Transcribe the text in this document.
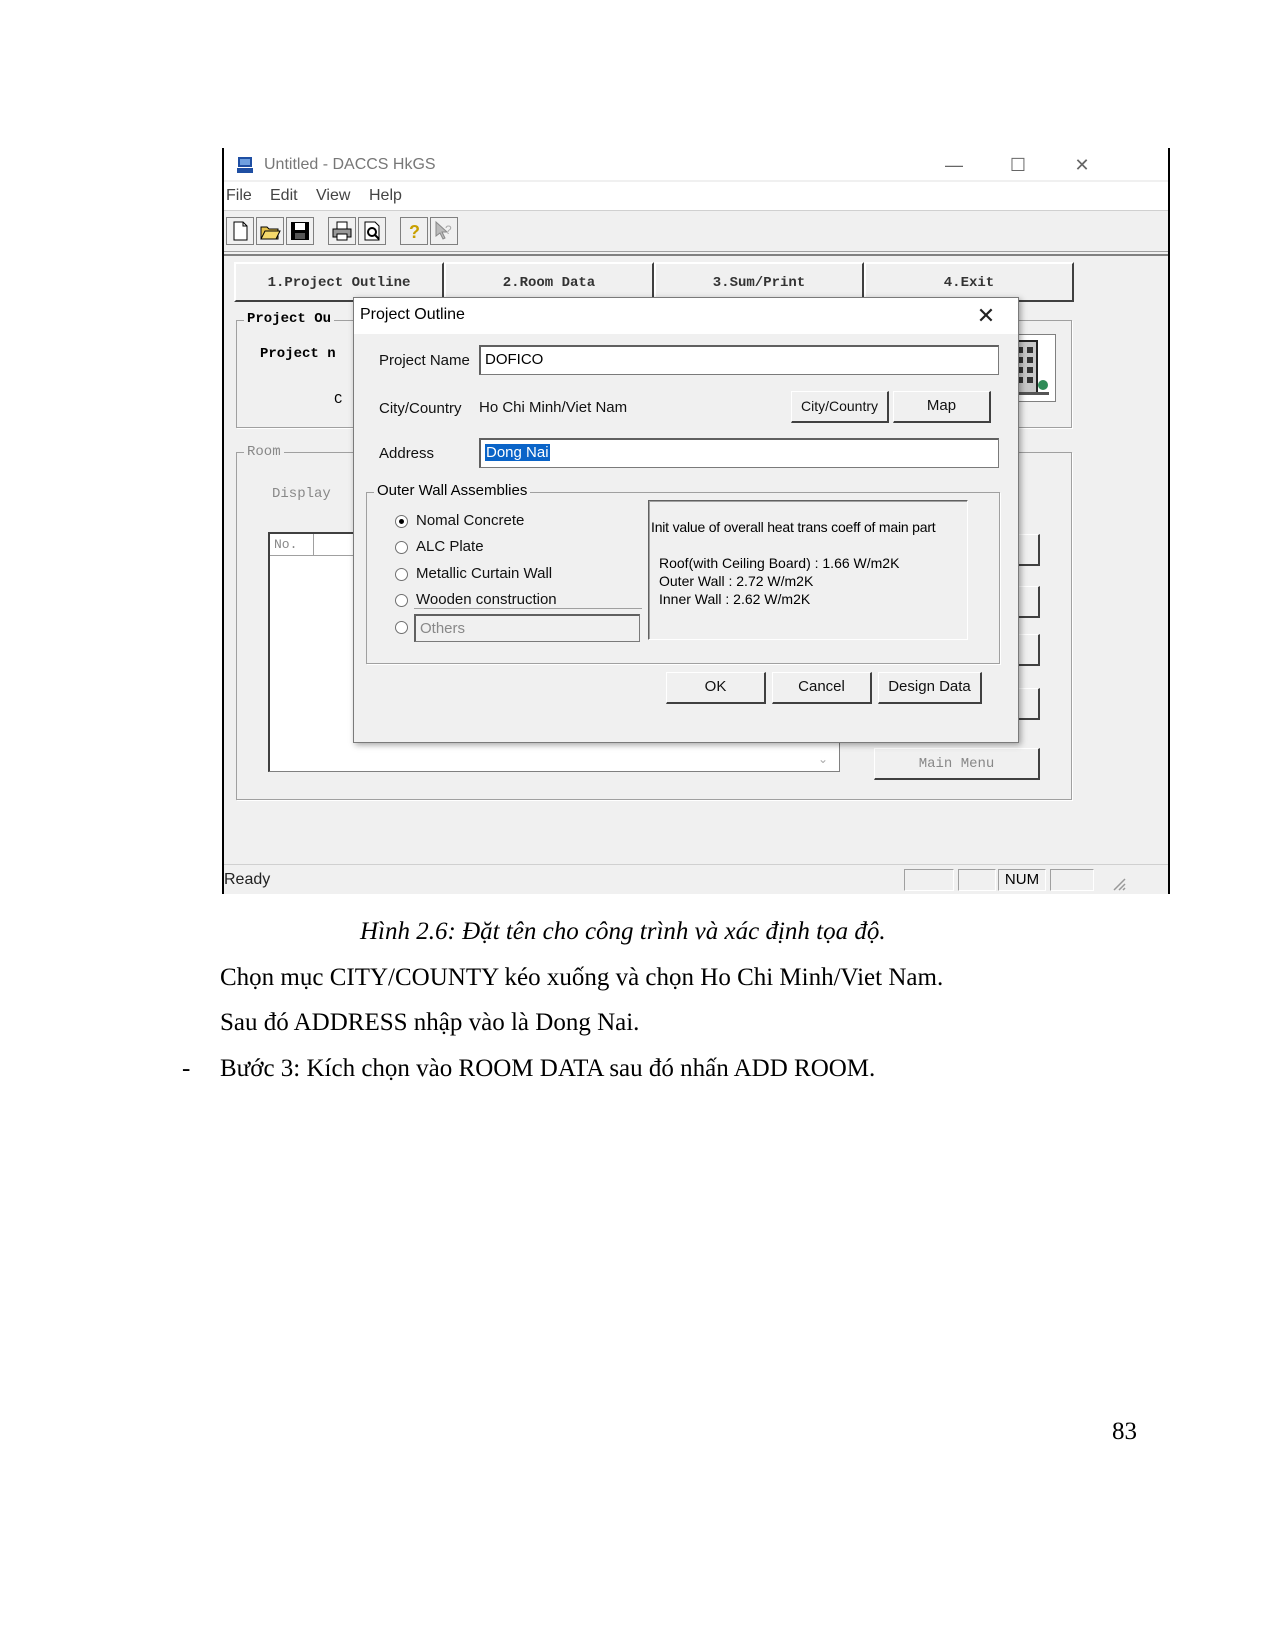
Untitled - DACCS HkGS	—	☐	✕
File Edit View Help
? ?
1.Project Outline	2.Room Data	3.Sum/Print	4.Exit
Project Ou
Project n
C
Room
Display
No.
⌄	Main Menu
Ready	NUM
Project Outline	✕
Project Name	DOFICO
City/Country Ho Chi Minh/Viet Nam	City/Country	Map
Address	Dong Nai
Outer Wall Assemblies
Nomal Concrete
ALC Plate
Metallic Curtain Wall
Wooden construction
Others
Init value of overall heat trans coeff of main part
Roof(with Ceiling Board) : 1.66 W/m2K
Outer Wall : 2.72 W/m2K
Inner Wall : 2.62 W/m2K
OK	Cancel	Design Data
Hình 2.6: Đặt tên cho công trình và xác định tọa độ.
Chọn mục CITY/COUNTY kéo xuống và chọn Ho Chi Minh/Viet Nam.
Sau đó ADDRESS nhập vào là Dong Nai.
- Bước 3: Kích chọn vào ROOM DATA sau đó nhấn ADD ROOM.
83
